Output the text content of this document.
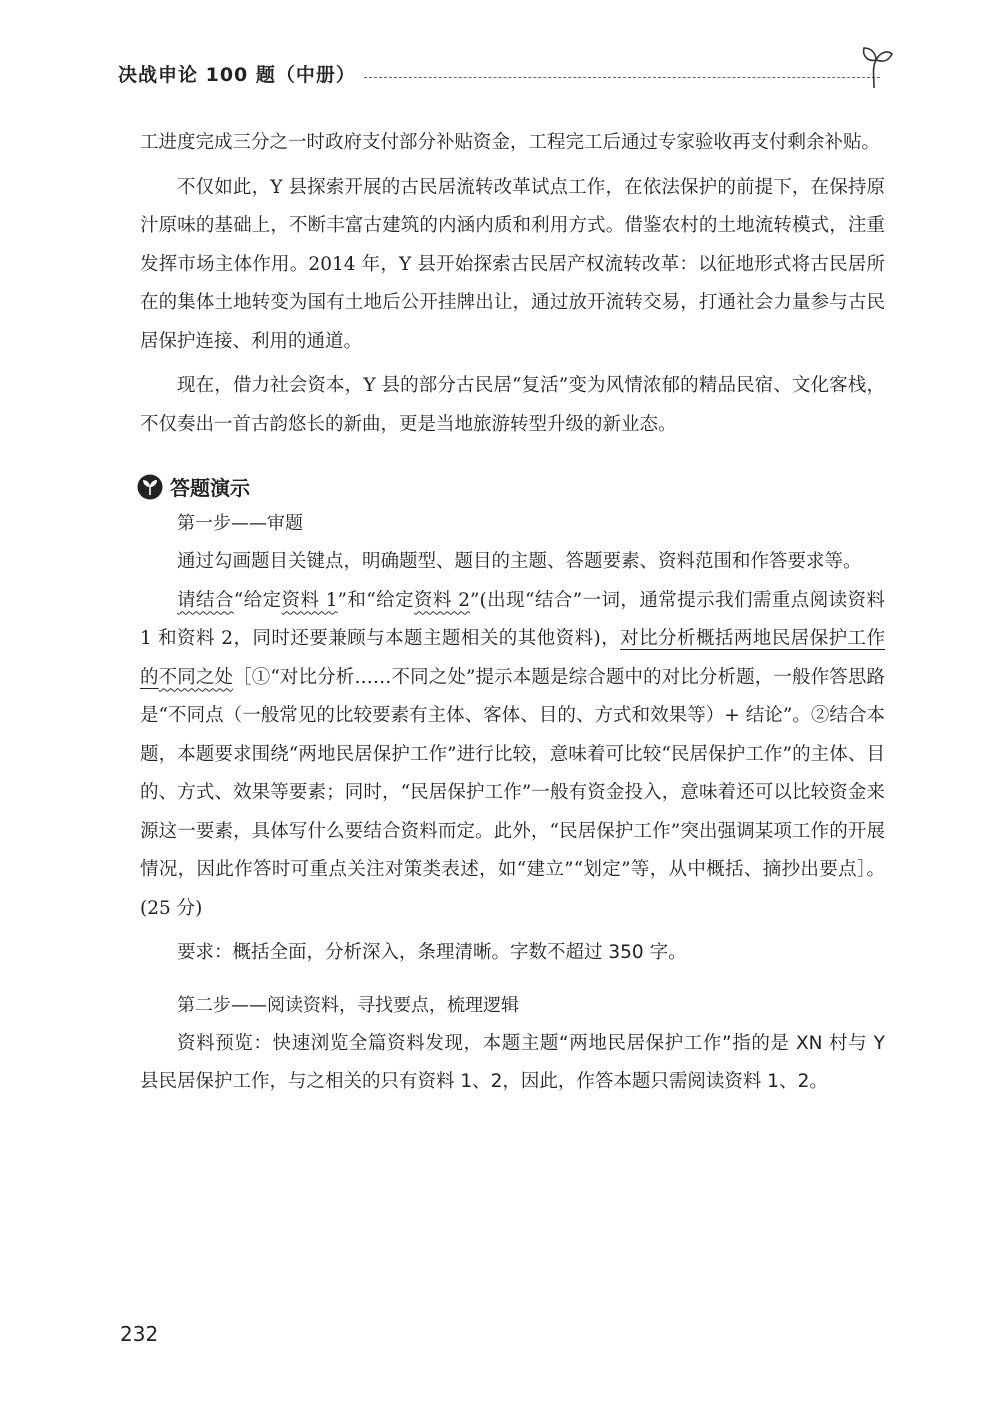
决战申论 100 题（中册）

工进度完成三分之一时政府支付部分补贴资金，工程完工后通过专家验收再支付剩余补贴。

不仅如此，Y 县探索开展的古民居流转改革试点工作，在依法保护的前提下，在保持原汁原味的基础上，不断丰富古建筑的内涵内质和利用方式。借鉴农村的土地流转模式，注重发挥市场主体作用。2014 年，Y 县开始探索古民居产权流转改革：以征地形式将古民居所在的集体土地转变为国有土地后公开挂牌出让，通过放开流转交易，打通社会力量参与古民居保护连接、利用的通道。

现在，借力社会资本，Y 县的部分古民居“复活”变为风情浓郁的精品民宿、文化客栈，不仅奏出一首古韵悠长的新曲，更是当地旅游转型升级的新业态。

答题演示

第一步——审题

通过勾画题目关键点，明确题型、题目的主题、答题要素、资料范围和作答要求等。

请结合“给定资料 1”和“给定资料 2”(出现“结合”一词，通常提示我们需重点阅读资料 1 和资料 2，同时还要兼顾与本题主题相关的其他资料)，对比分析概括两地民居保护工作的不同之处［①“对比分析……不同之处”提示本题是综合题中的对比分析题，一般作答思路是“不同点（一般常见的比较要素有主体、客体、目的、方式和效果等）+ 结论”。②结合本题，本题要求围绕“两地民居保护工作”进行比较，意味着可比较“民居保护工作”的主体、目的、方式、效果等要素；同时，“民居保护工作”一般有资金投入，意味着还可以比较资金来源这一要素，具体写什么要结合资料而定。此外，“民居保护工作”突出强调某项工作的开展情况，因此作答时可重点关注对策类表述，如“建立”“划定”等，从中概括、摘抄出要点］。(25 分)

要求：概括全面，分析深入，条理清晰。字数不超过 350 字。

第二步——阅读资料，寻找要点，梳理逻辑

资料预览：快速浏览全篇资料发现，本题主题“两地民居保护工作”指的是 XN 村与 Y 县民居保护工作，与之相关的只有资料 1、2，因此，作答本题只需阅读资料 1、2。

232
